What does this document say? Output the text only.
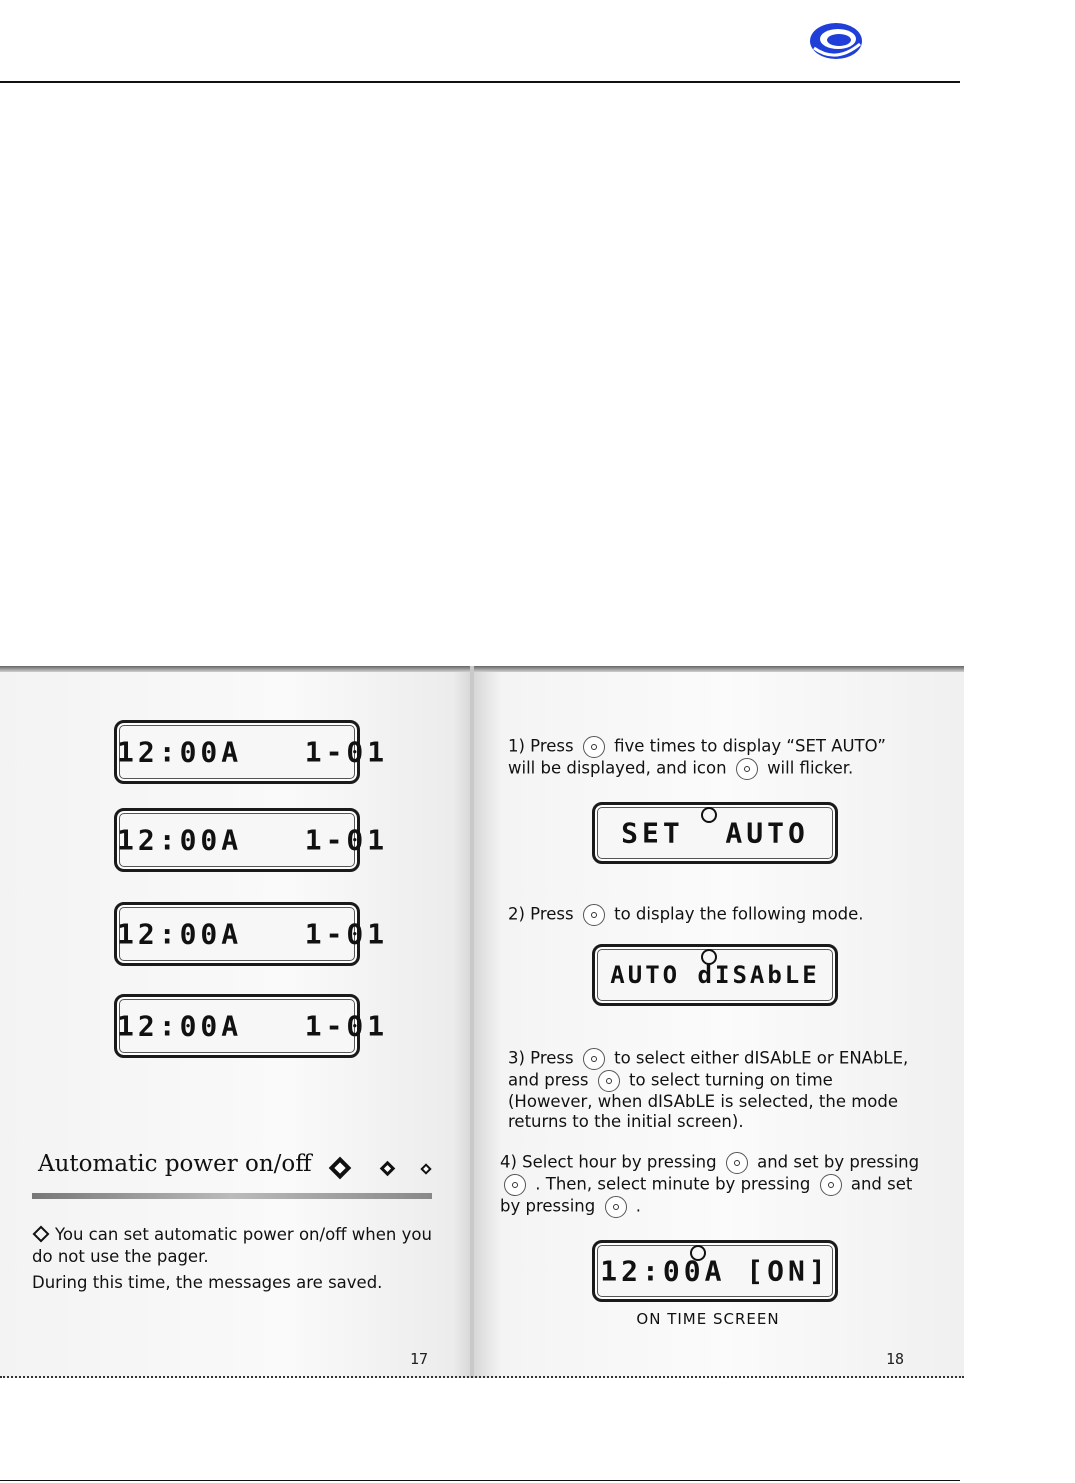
12:00A   1-01
12:00A   1-01
12:00A   1-01
12:00A   1-01
1) Press five times to display “SET AUTO” will be displayed, and icon will flicker.
SET  AUTO
2) Press to display the following mode.
AUTO dISAbLE
3) Press to select either dISAbLE or ENAbLE, and press to select turning on time (However, when dISAbLE is selected, the mode returns to the initial screen).
4) Select hour by pressing and set by pressing  . Then, select minute by pressing and set by pressing .
12:00A [ON]
ON TIME SCREEN
Automatic power on/off
You can set automatic power on/off when you do not use the pager.
During this time, the messages are saved.
17	18
